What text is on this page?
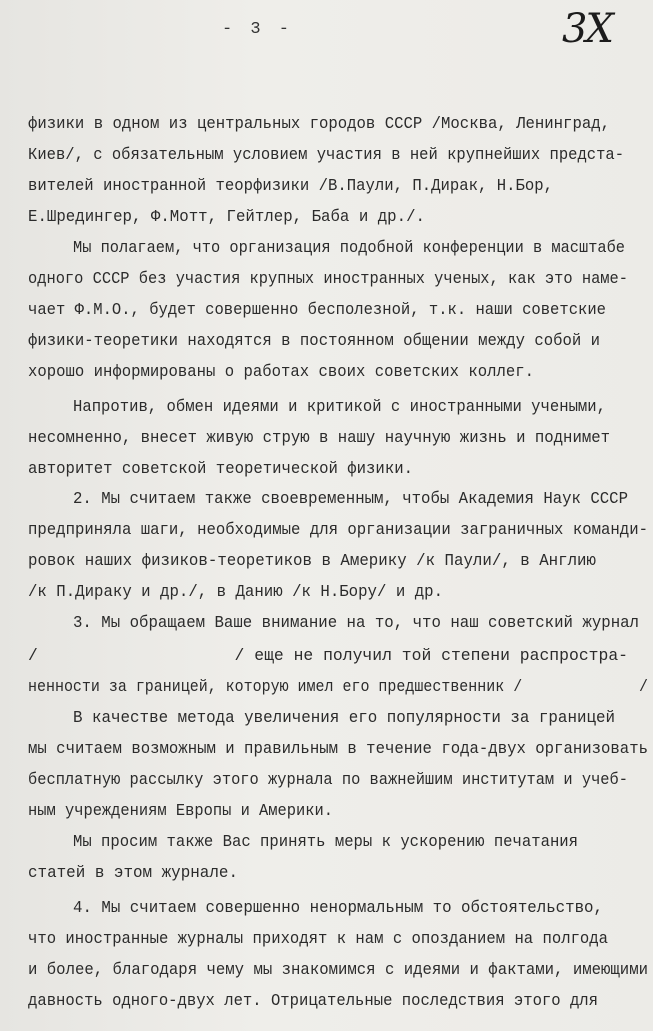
- 3 -	3Х
физики в одном из центральных городов СССР /Москва, Ленинград,
Киев/, с обязательным условием участия в ней крупнейших предста-
вителей иностранной теорфизики /В.Паули, П.Дирак, Н.Бор,
Е.Шредингер, Ф.Мотт, Гейтлер, Баба и др./.
Мы полагаем, что организация подобной конференции в масштабе
одного СССР без участия крупных иностранных ученых, как это наме-
чает Ф.М.О., будет совершенно бесполезной, т.к. наши советские
физики-теоретики находятся в постоянном общении между собой и
хорошо информированы о работах своих советских коллег.
Напротив, обмен идеями и критикой с иностранными учеными,
несомненно, внесет живую струю в нашу научную жизнь и поднимет
авторитет советской теоретической физики.
2. Мы считаем также своевременным, чтобы Академия Наук СССР
предприняла шаги, необходимые для организации заграничных команди-
ровок наших физиков-теоретиков в Америку /к Паули/, в Англию
/к П.Дираку и др./, в Данию /к Н.Бору/ и др.
3. Мы обращаем Ваше внимание на то, что наш советский журнал
/                    / еще не получил той степени распростра-
ненности за границей, которую имел его предшественник /             /
В качестве метода увеличения его популярности за границей
мы считаем возможным и правильным в течение года-двух организовать
бесплатную рассылку этого журнала по важнейшим институтам и учеб-
ным учреждениям Европы и Америки.
Мы просим также Вас принять меры к ускорению печатания
статей в этом журнале.
4. Мы считаем совершенно ненормальным то обстоятельство,
что иностранные журналы приходят к нам с опозданием на полгода
и более, благодаря чему мы знакомимся с идеями и фактами, имеющими
давность одного-двух лет. Отрицательные последствия этого для
